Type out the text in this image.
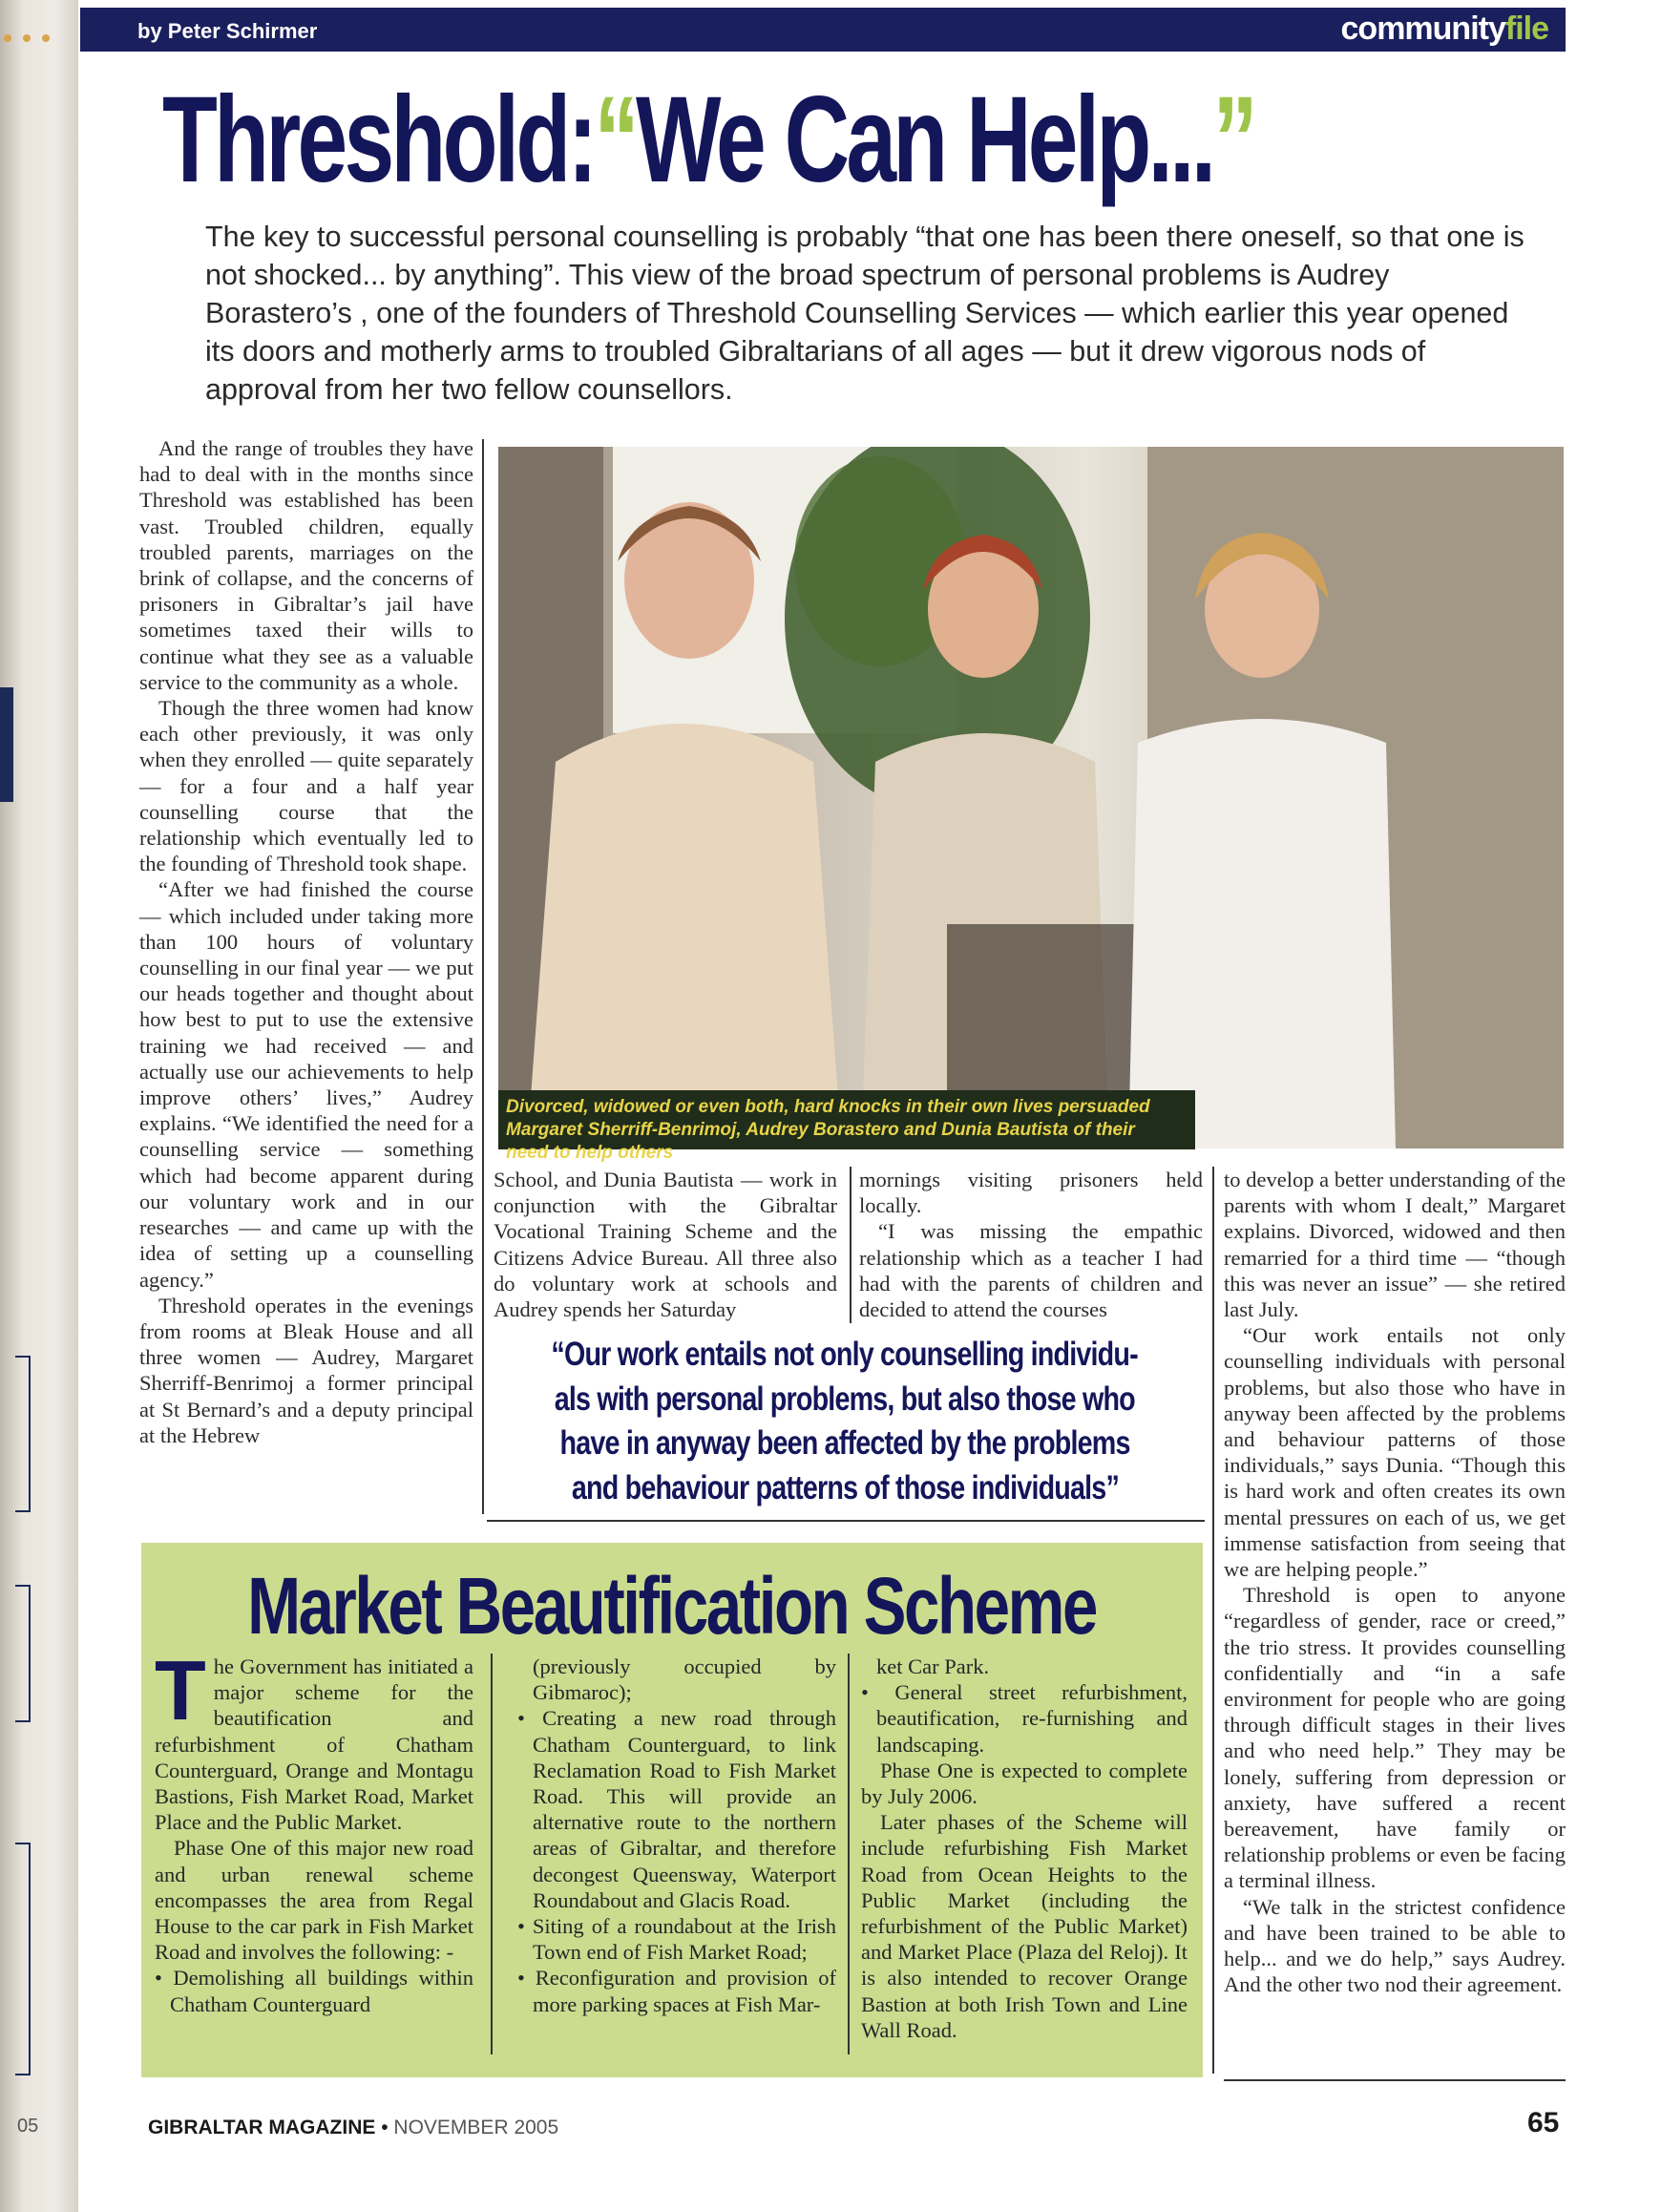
by Peter Schirmer	communityfile
Threshold:“We Can Help...”
The key to successful personal counselling is probably “that one has been there oneself, so that one is not shocked... by anything”. This view of the broad spectrum of personal problems is Audrey Borastero’s , one of the founders of Threshold Counselling Services — which earlier this year opened its doors and motherly arms to troubled Gibraltarians of all ages — but it drew vigorous nods of approval from her two fellow counsellors.

And the range of troubles they have had to deal with in the months since Threshold was established has been vast. Troubled children, equally troubled parents, marriages on the brink of collapse, and the concerns of prisoners in Gibraltar’s jail have sometimes taxed their wills to continue what they see as a valuable service to the community as a whole.

Though the three women had know each other previously, it was only when they enrolled — quite separately — for a four and a half year counselling course that the relationship which eventually led to the founding of Threshold took shape.

“After we had finished the course — which included under taking more than 100 hours of voluntary counselling in our final year — we put our heads together and thought about how best to put to use the extensive training we had received — and actually use our achievements to help improve others’ lives,” Audrey explains. “We identified the need for a counselling service — something which had become apparent during our voluntary work and in our researches — and came up with the idea of setting up a counselling agency.”

Threshold operates in the evenings from rooms at Bleak House and all three women — Audrey, Margaret Sherriff-Benrimoj a former principal at St Bernard’s and a deputy principal at the Hebrew

Divorced, widowed or even both, hard knocks in their own lives persuaded Margaret Sherriff-Benrimoj, Audrey Borastero and Dunia Bautista of their need to help others

School, and Dunia Bautista — work in conjunction with the Gibraltar Vocational Training Scheme and the Citizens Advice Bureau. All three also do voluntary work at schools and Audrey spends her Saturday

mornings visiting prisoners held locally.

“I was missing the empathic relationship which as a teacher I had had with the parents of children and decided to attend the courses

to develop a better understanding of the parents with whom I dealt,” Margaret explains. Divorced, widowed and then remarried for a third time — “though this was never an issue” — she retired last July.

“Our work entails not only counselling individuals with personal problems, but also those who have in anyway been affected by the problems and behaviour patterns of those individuals,” says Dunia. “Though this is hard work and often creates its own mental pressures on each of us, we get immense satisfaction from seeing that we are helping people.”

Threshold is open to anyone “regardless of gender, race or creed,” the trio stress. It provides counselling confidentially and “in a safe environment for people who are going through difficult stages in their lives and who need help.” They may be lonely, suffering from depression or anxiety, have suffered a recent bereavement, have family or relationship problems or even be facing a terminal illness.

“We talk in the strictest confidence and have been trained to be able to help... and we do help,” says Audrey. And the other two nod their agreement.

“Our work entails not only counselling individu-
als with personal problems, but also those who
have in anyway been affected by the problems
and behaviour patterns of those individuals”
Market Beautification Scheme

The Government has initiated a major scheme for the beautification and refurbishment of Chatham Counterguard, Orange and Montagu Bastions, Fish Market Road, Market Place and the Public Market.

Phase One of this major new road and urban renewal scheme encompasses the area from Regal House to the car park in Fish Market Road and involves the following: -

• Demolishing all buildings within Chatham Counterguard

(previously occupied by Gibmaroc);

• Creating a new road through Chatham Counterguard, to link Reclamation Road to Fish Market Road. This will provide an alternative route to the northern areas of Gibraltar, and therefore decongest Queensway, Waterport Roundabout and Glacis Road.

• Siting of a roundabout at the Irish Town end of Fish Market Road;

• Reconfiguration and provision of more parking spaces at Fish Mar-

ket Car Park.

• General street refurbishment, beautification, re-furnishing and landscaping.

Phase One is expected to complete by July 2006.

Later phases of the Scheme will include refurbishing Fish Market Road from Ocean Heights to the Public Market (including the refurbishment of the Public Market) and Market Place (Plaza del Reloj). It is also intended to recover Orange Bastion at both Irish Town and Line Wall Road.

GIBRALTAR MAGAZINE • NOVEMBER 2005	65
05
